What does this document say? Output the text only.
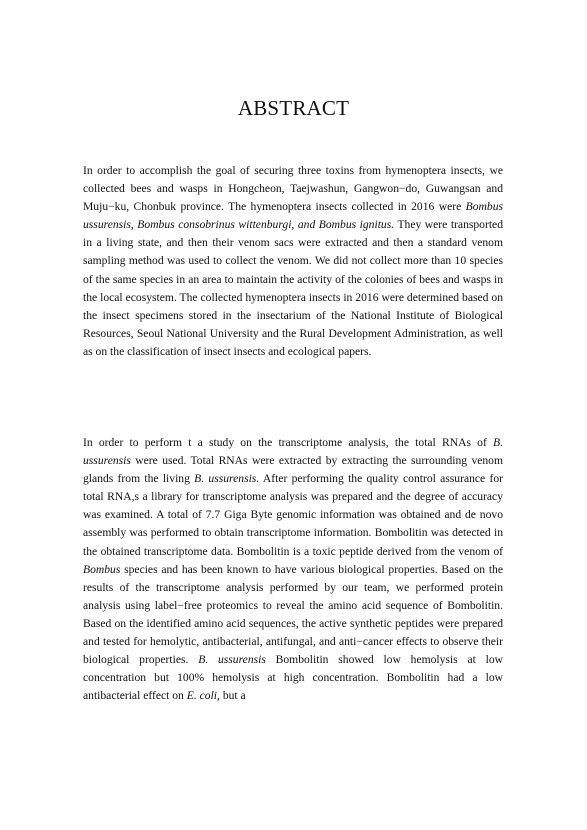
ABSTRACT

In order to accomplish the goal of securing three toxins from hymenoptera insects, we collected bees and wasps in Hongcheon, Taejwashun, Gangwon−do, Guwangsan and Muju−ku, Chonbuk province. The hymenoptera insects collected in 2016 were Bombus ussurensis, Bombus consobrinus wittenburgi, and Bombus ignitus. They were transported in a living state, and then their venom sacs were extracted and then a standard venom sampling method was used to collect the venom. We did not collect more than 10 species of the same species in an area to maintain the activity of the colonies of bees and wasps in the local ecosystem. The collected hymenoptera insects in 2016 were determined based on the insect specimens stored in the insectarium of the National Institute of Biological Resources, Seoul National University and the Rural Development Administration, as well as on the classification of insect insects and ecological papers.

In order to perform t a study on the transcriptome analysis, the total RNAs of B. ussurensis were used. Total RNAs were extracted by extracting the surrounding venom glands from the living B. ussurensis. After performing the quality control assurance for total RNA,s a library for transcriptome analysis was prepared and the degree of accuracy was examined. A total of 7.7 Giga Byte genomic information was obtained and de novo assembly was performed to obtain transcriptome information. Bombolitin was detected in the obtained transcriptome data. Bombolitin is a toxic peptide derived from the venom of Bombus species and has been known to have various biological properties. Based on the results of the transcriptome analysis performed by our team, we performed protein analysis using label−free proteomics to reveal the amino acid sequence of Bombolitin. Based on the identified amino acid sequences, the active synthetic peptides were prepared and tested for hemolytic, antibacterial, antifungal, and anti−cancer effects to observe their biological properties. B. ussurensis Bombolitin showed low hemolysis at low concentration but 100% hemolysis at high concentration. Bombolitin had a low antibacterial effect on E. coli, but a
